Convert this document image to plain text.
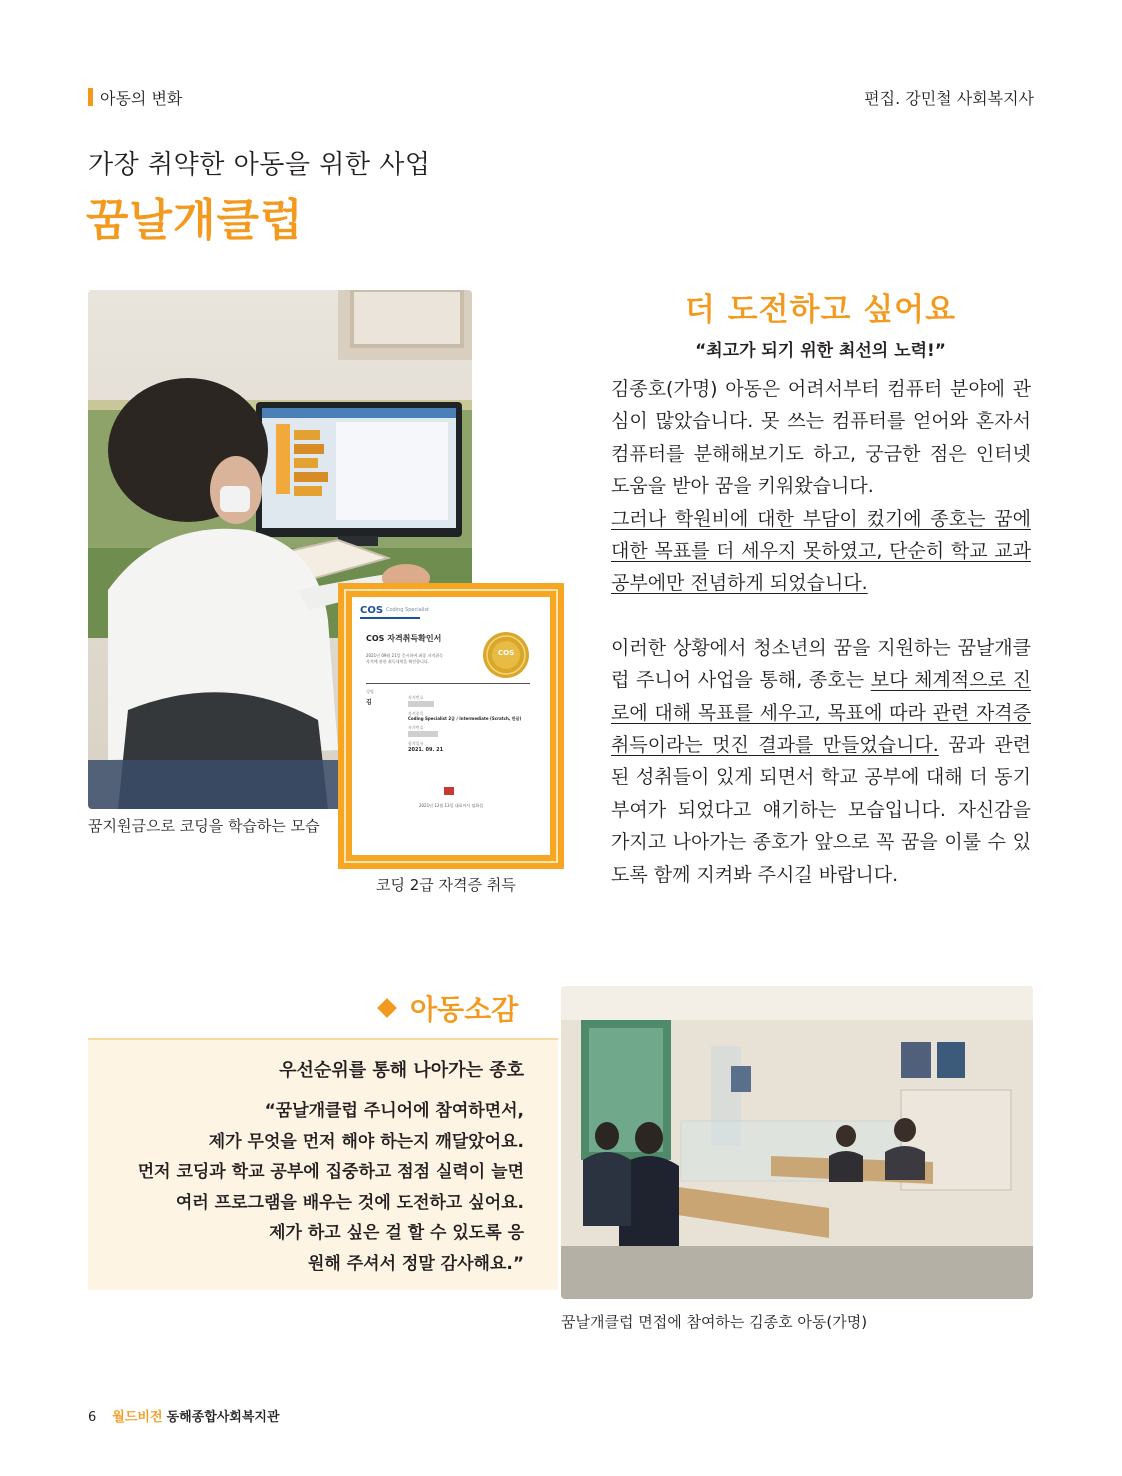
아동의 변화	편집. 강민철 사회복지사
가장 취약한 아동을 위한 사업
꿈날개클럽
COS Coding Specialist
COS 자격취득확인서
2021년 09월 21일 응시하여 최종 자격취득
자격에 관한 취득내역을 확인합니다.
COS
성명
김
자격번호
자격종목
Coding Specialist 2급 / Intermediate (Scratch, 한글)
자격번호
합격일자
2021. 09. 21
2021년 12월 13일 대표이사 임화섭
꿈지원금으로 코딩을 학습하는 모습
코딩 2급 자격증 취득
더 도전하고 싶어요
“최고가 되기 위한 최선의 노력!”

김종호(가명) 아동은 어려서부터 컴퓨터 분야에 관심이 많았습니다. 못 쓰는 컴퓨터를 얻어와 혼자서 컴퓨터를 분해해보기도 하고, 궁금한 점은 인터넷 도움을 받아 꿈을 키워왔습니다.
그러나 학원비에 대한 부담이 컸기에 종호는 꿈에 대한 목표를 더 세우지 못하였고, 단순히 학교 교과 공부에만 전념하게 되었습니다.

이러한 상황에서 청소년의 꿈을 지원하는 꿈날개클럽 주니어 사업을 통해, 종호는 보다 체계적으로 진로에 대해 목표를 세우고, 목표에 따라 관련 자격증 취득이라는 멋진 결과를 만들었습니다. 꿈과 관련된 성취들이 있게 되면서 학교 공부에 대해 더 동기부여가 되었다고 얘기하는 모습입니다. 자신감을 가지고 나아가는 종호가 앞으로 꼭 꿈을 이룰 수 있도록 함께 지켜봐 주시길 바랍니다.

아동소감
우선순위를 통해 나아가는 종호
“꿈날개클럽 주니어에 참여하면서,
제가 무엇을 먼저 해야 하는지 깨달았어요.
먼저 코딩과 학교 공부에 집중하고 점점 실력이 늘면
여러 프로그램을 배우는 것에 도전하고 싶어요.
제가 하고 싶은 걸 할 수 있도록 응
원해 주셔서 정말 감사해요.”
꿈날개클럽 면접에 참여하는 김종호 아동(가명)
6 월드비전 동해종합사회복지관
